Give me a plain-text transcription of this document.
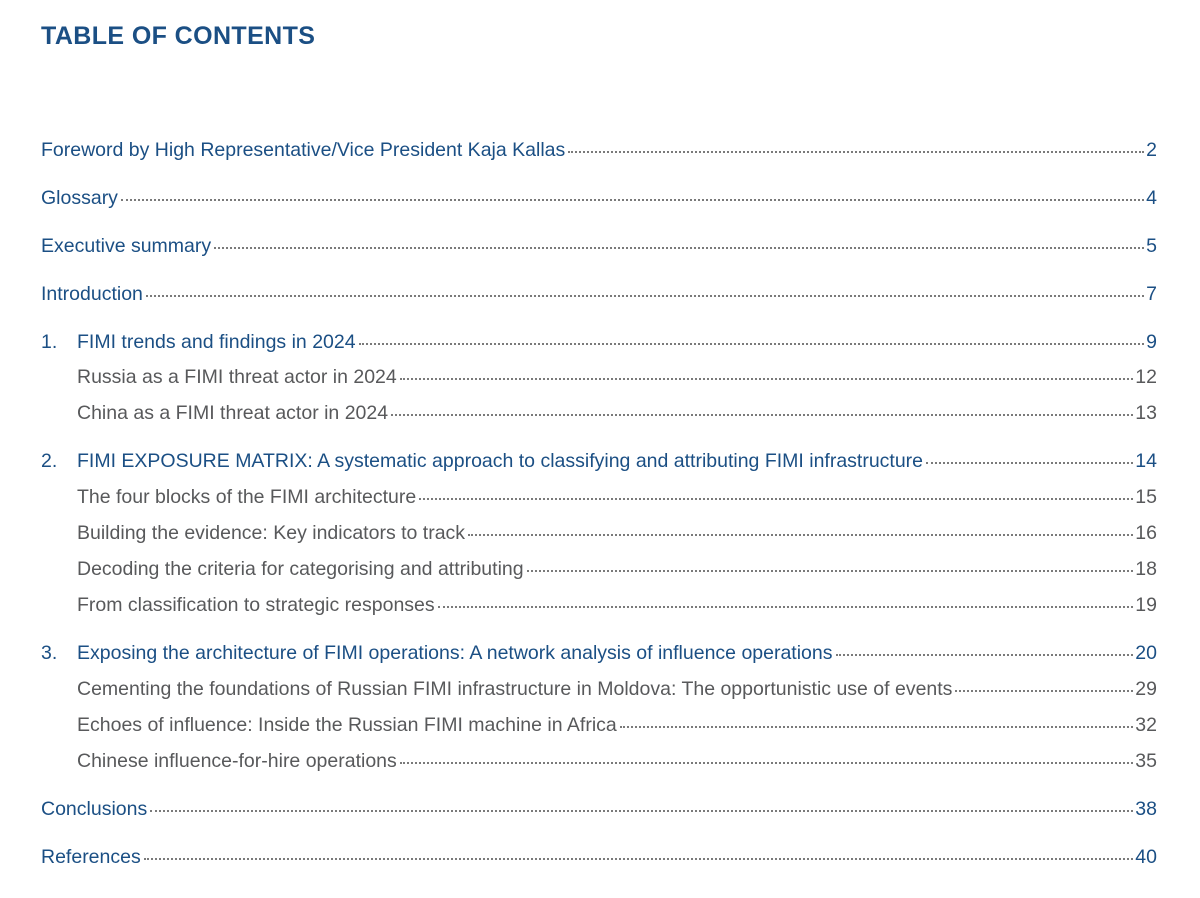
TABLE OF CONTENTS
Foreword by High Representative/Vice President Kaja Kallas	2
Glossary	4
Executive summary	5
Introduction	7
1.	FIMI trends and findings in 2024	9
Russia as a FIMI threat actor in 2024	12
China as a FIMI threat actor in 2024	13
2.	FIMI EXPOSURE MATRIX: A systematic approach to classifying and attributing FIMI infrastructure	14
The four blocks of the FIMI architecture	15
Building the evidence: Key indicators to track	16
Decoding the criteria for categorising and attributing	18
From classification to strategic responses	19
3.	Exposing the architecture of FIMI operations: A network analysis of influence operations	20
Cementing the foundations of Russian FIMI infrastructure in Moldova: The opportunistic use of events	29
Echoes of influence: Inside the Russian FIMI machine in Africa	32
Chinese influence-for-hire operations	35
Conclusions	38
References	40
